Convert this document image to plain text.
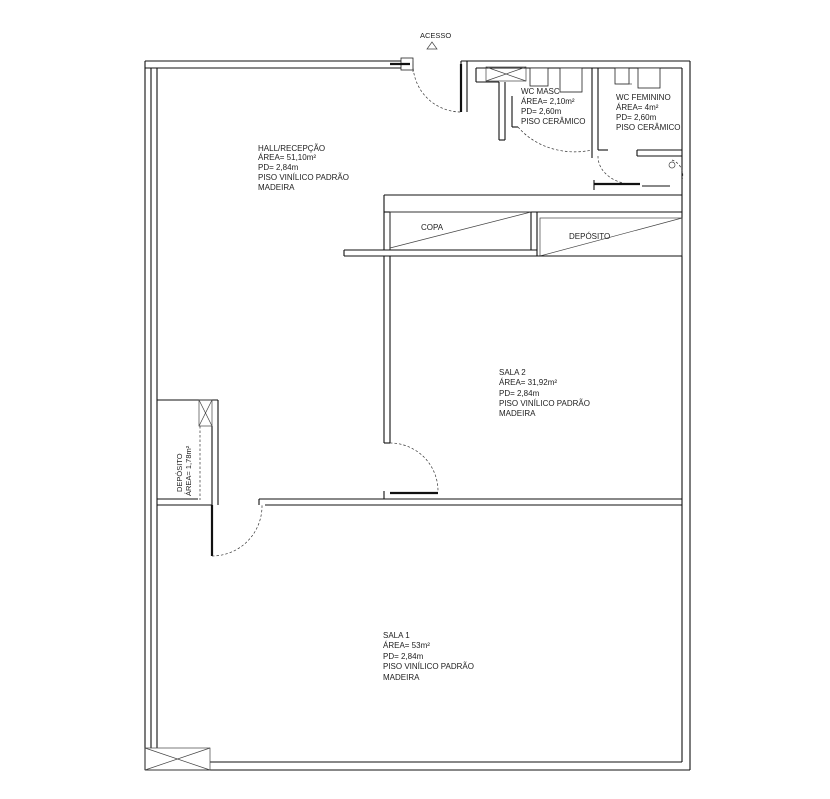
ACESSO
HALL/RECEPÇÃO
ÁREA= 51,10m²
PD= 2,84m
PISO VINÍLICO PADRÃO
MADEIRA
WC MASC
ÁREA= 2,10m²
PD= 2,60m
PISO CERÂMICO
WC FEMININO
ÁREA= 4m²
PD= 2,60m
PISO CERÂMICO
COPA
DEPÓSITO
SALA 2
ÁREA= 31,92m²
PD= 2,84m
PISO VINÍLICO PADRÃO
MADEIRA
DEPÓSITO ÁREA= 1,78m²
SALA 1
ÁREA= 53m²
PD= 2,84m
PISO VINÍLICO PADRÃO
MADEIRA
